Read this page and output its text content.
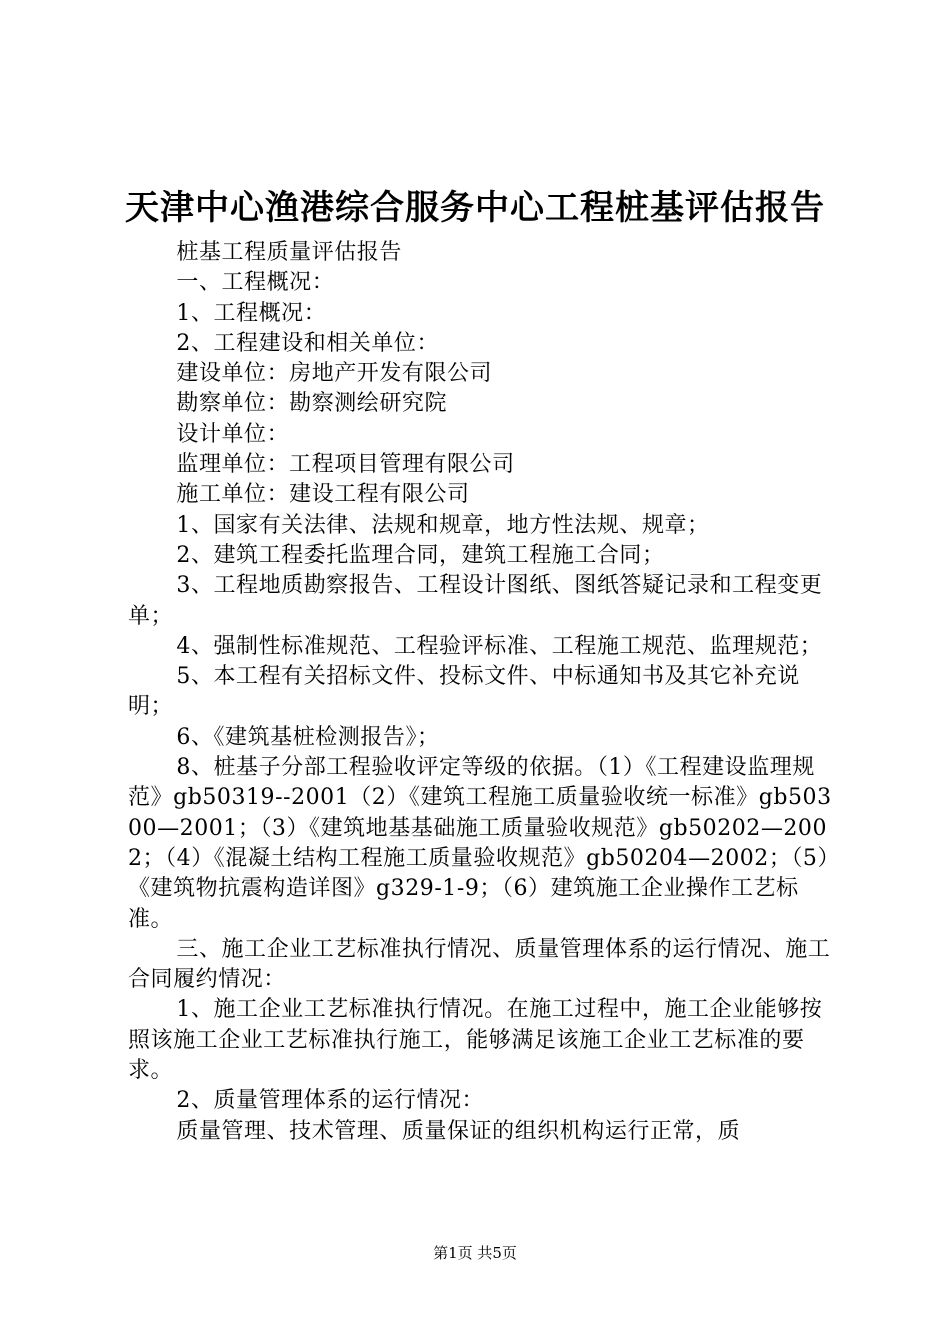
天津中心渔港综合服务中心工程桩基评估报告

桩基工程质量评估报告

一、工程概况：

1、工程概况：

2、工程建设和相关单位：

建设单位：房地产开发有限公司

勘察单位：勘察测绘研究院

设计单位：

监理单位：工程项目管理有限公司

施工单位：建设工程有限公司

1、国家有关法律、法规和规章，地方性法规、规章；

2、建筑工程委托监理合同，建筑工程施工合同；

3、工程地质勘察报告、工程设计图纸、图纸答疑记录和工程变更单；

4、强制性标准规范、工程验评标准、工程施工规范、监理规范；

5、本工程有关招标文件、投标文件、中标通知书及其它补充说明；

6、《建筑基桩检测报告》；

8、桩基子分部工程验收评定等级的依据。（1）《工程建设监理规范》gb50319--2001（2）《建筑工程施工质量验收统一标准》gb50300—2001；（3）《建筑地基基础施工质量验收规范》gb50202—2002；（4）《混凝土结构工程施工质量验收规范》gb50204—2002；（5）《建筑物抗震构造详图》g329-1-9；（6）建筑施工企业操作工艺标准。

三、施工企业工艺标准执行情况、质量管理体系的运行情况、施工合同履约情况：

1、施工企业工艺标准执行情况。在施工过程中，施工企业能够按照该施工企业工艺标准执行施工，能够满足该施工企业工艺标准的要求。

2、质量管理体系的运行情况：

质量管理、技术管理、质量保证的组织机构运行正常，质

第1页 共5页
